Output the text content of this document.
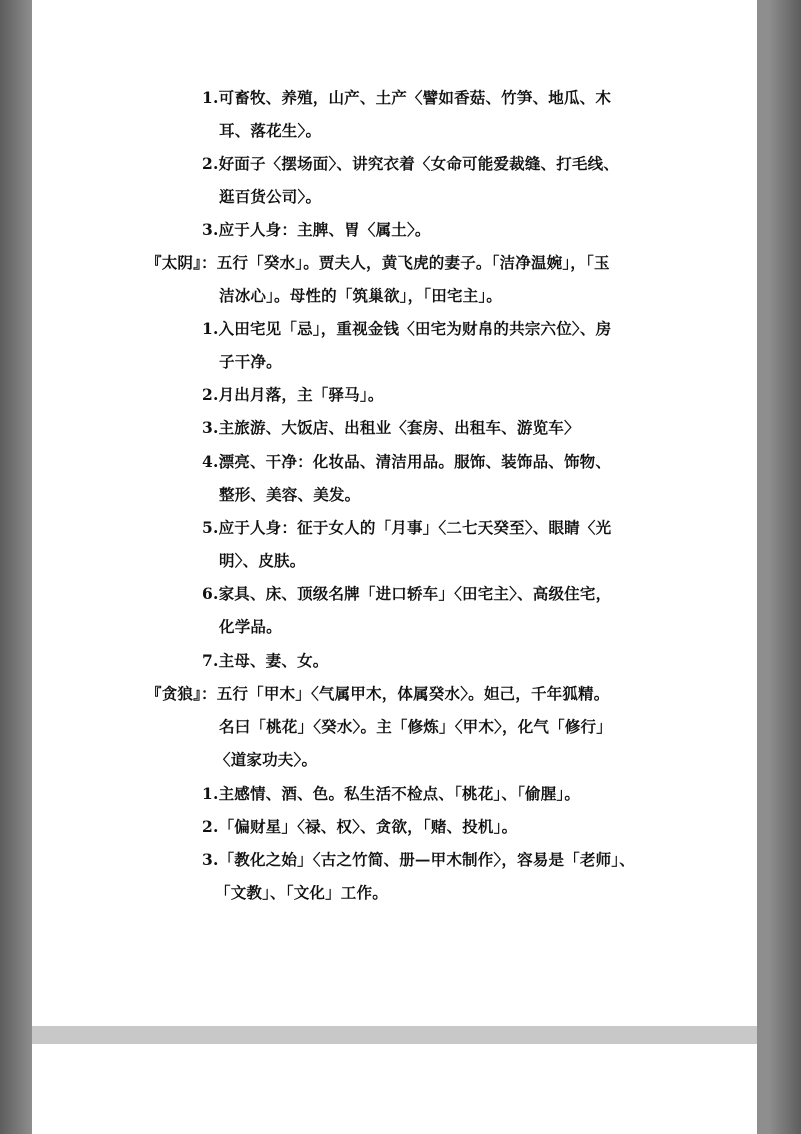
1.可畜牧、养殖，山产、土产〈譬如香菇、竹笋、地瓜、木
耳、落花生〉。
2.好面子〈摆场面〉、讲究衣着〈女命可能爱裁缝、打毛线、
逛百货公司〉。
3.应于人身：主脾、胃〈属土〉。
『太阴』：五行「癸水」。贾夫人，黄飞虎的妻子。「洁净温婉」，「玉
洁冰心」。母性的「筑巢欲」，「田宅主」。
1.入田宅见「忌」，重视金钱〈田宅为财帛的共宗六位〉、房
子干净。
2.月出月落，主「驿马」。
3.主旅游、大饭店、出租业〈套房、出租车、游览车〉
4.漂亮、干净：化妆品、清洁用品。服饰、装饰品、饰物、
整形、美容、美发。
5.应于人身：征于女人的「月事」〈二七天癸至〉、眼睛〈光
明〉、皮肤。
6.家具、床、顶级名牌「进口轿车」〈田宅主〉、高级住宅，
化学品。
7.主母、妻、女。
『贪狼』：五行「甲木」〈气属甲木，体属癸水〉。妲己，千年狐精。
名曰「桃花」〈癸水〉。主「修炼」〈甲木〉，化气「修行」
〈道家功夫〉。
1.主感情、酒、色。私生活不检点、「桃花」、「偷腥」。
2.「偏财星」〈禄、权〉、贪欲，「赌、投机」。
3.「教化之始」〈古之竹简、册—甲木制作〉，容易是「老师」、
「文教」、「文化」工作。
